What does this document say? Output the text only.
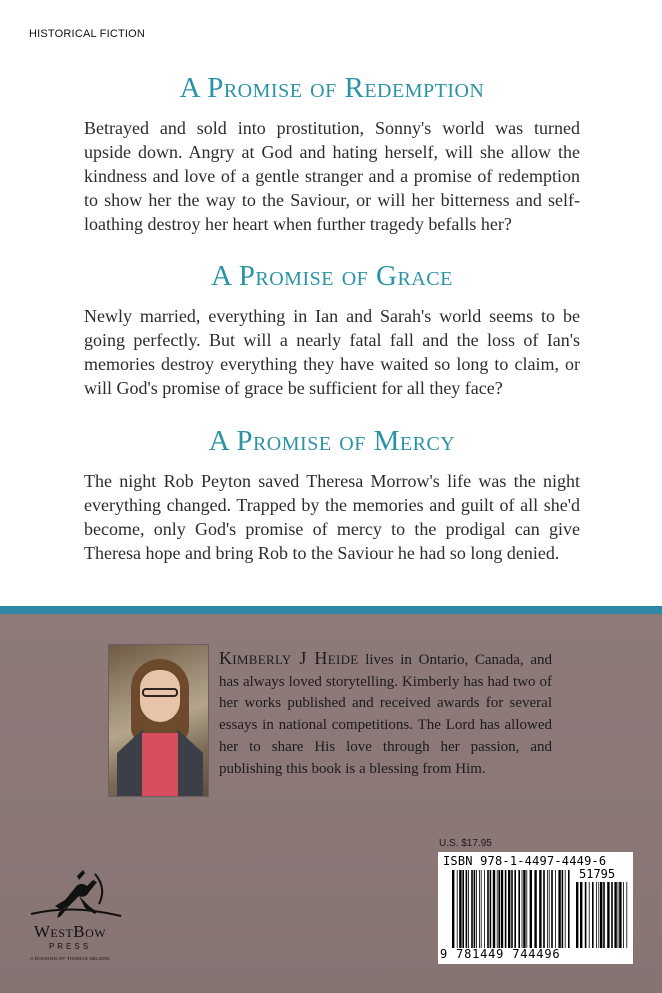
HISTORICAL FICTION
A Promise of Redemption

Betrayed and sold into prostitution, Sonny's world was turned upside down. Angry at God and hating herself, will she allow the kindness and love of a gentle stranger and a promise of redemption to show her the way to the Saviour, or will her bitterness and self-loathing destroy her heart when further tragedy befalls her?

A Promise of Grace

Newly married, everything in Ian and Sarah's world seems to be going perfectly. But will a nearly fatal fall and the loss of Ian's memories destroy everything they have waited so long to claim, or will God's promise of grace be sufficient for all they face?

A Promise of Mercy

The night Rob Peyton saved Theresa Morrow's life was the night everything changed. Trapped by the memories and guilt of all she'd become, only God's promise of mercy to the prodigal can give Theresa hope and bring Rob to the Saviour he had so long denied.

Kimberly J Heide lives in Ontario, Canada, and has always loved storytelling. Kimberly has had two of her works published and received awards for several essays in national competitions. The Lord has allowed her to share His love through her passion, and publishing this book is a blessing from Him.
U.S. $17.95
ISBN 978-1-4497-4449-6
51795
9 781449 744496
WestBow
PRESS
A DIVISION OF THOMAS NELSON
